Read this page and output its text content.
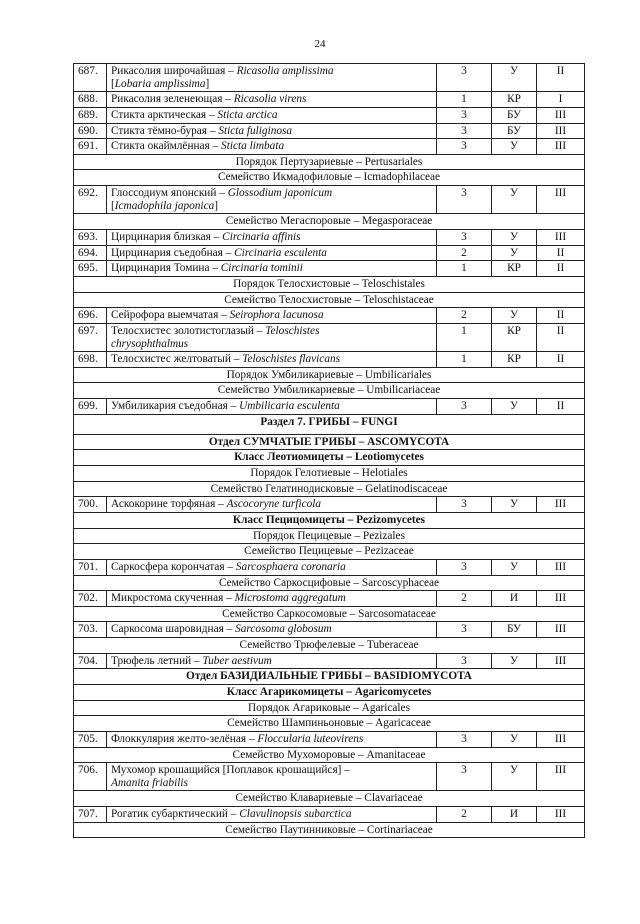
24
687.	Рикасолия широчайшая – Ricasolia amplissima
[Lobaria amplissima]	3	У	II
688.	Рикасолия зеленеющая – Ricasolia virens	1	КР	I
689.	Стикта арктическая – Sticta arctica	3	БУ	III
690.	Стикта тёмно-бурая – Sticta fuliginosa	3	БУ	III
691.	Стикта окаймлённая – Sticta limbata	3	У	III
Порядок Пертузариевые – Pertusariales				
Семейство Икмадофиловые – Icmadophilaceae				
692.	Глоссодиум японский – Glossodium japonicum
[Icmadophila japonica]	3	У	III
Семейство Мегаспоровые – Megasporaceae				
693.	Цирцинария близкая – Circinaria affinis	3	У	III
694.	Цирцинария съедобная – Circinaria esculenta	2	У	II
695.	Цирцинария Томина – Circinaria tominii	1	КР	II
Порядок Телосхистовые – Teloschistales				
Семейство Телосхистовые – Teloschistaceae				
696.	Сейрофора выемчатая – Seirophora lacunosa	2	У	II
697.	Телосхистес золотистоглазый – Teloschistes
chrysophthalmus	1	КР	II
698.	Телосхистес желтоватый – Teloschistes flavicans	1	КР	II
Порядок Умбиликариевые – Umbilicariales				
Семейство Умбиликариевые – Umbilicariaceae				
699.	Умбиликария съедобная – Umbilicaria esculenta	3	У	II
Раздел 7. ГРИБЫ – FUNGI				
Отдел СУМЧАТЫЕ ГРИБЫ – ASCOMYCOTA				
Класс Леотиомицеты – Leotiomycetes				
Порядок Гелотиевые – Helotiales				
Семейство Гелатинодисковые – Gelatinodiscaceae				
700.	Аскокорине торфяная – Ascocoryne turficola	3	У	III
Класс Пецицомицеты – Pezizomycetes				
Порядок Пецицевые – Pezizales				
Семейство Пецицевые – Pezizaceae				
701.	Саркосфера корончатая – Sarcosphaera coronaria	3	У	III
Семейство Саркосцифовые – Sarcoscyphaceae				
702.	Микростома скученная – Microstoma aggregatum	2	И	III
Семейство Саркосомовые – Sarcosomataceae				
703.	Саркосома шаровидная – Sarcosoma globosum	3	БУ	III
Семейство Трюфелевые – Tuberaceae				
704.	Трюфель летний – Tuber aestivum	3	У	III
Отдел БАЗИДИАЛЬНЫЕ ГРИБЫ – BASIDIOMYCOTA				
Класс Агарикомицеты – Agaricomycetes				
Порядок Агариковые – Agaricales				
Семейство Шампиньоновые – Agaricaceae				
705.	Флоккулярия желто-зелёная – Floccularia luteovirens	3	У	III
Семейство Мухоморовые – Amanitaceae				
706.	Мухомор крошащийся [Поплавок крошащийся] –
Amanita friabilis	3	У	III
Семейство Клавариевые – Clavariaceae				
707.	Рогатик субарктический – Clavulinopsis subarctica	2	И	III
Семейство Паутинниковые – Cortinariaceae				
